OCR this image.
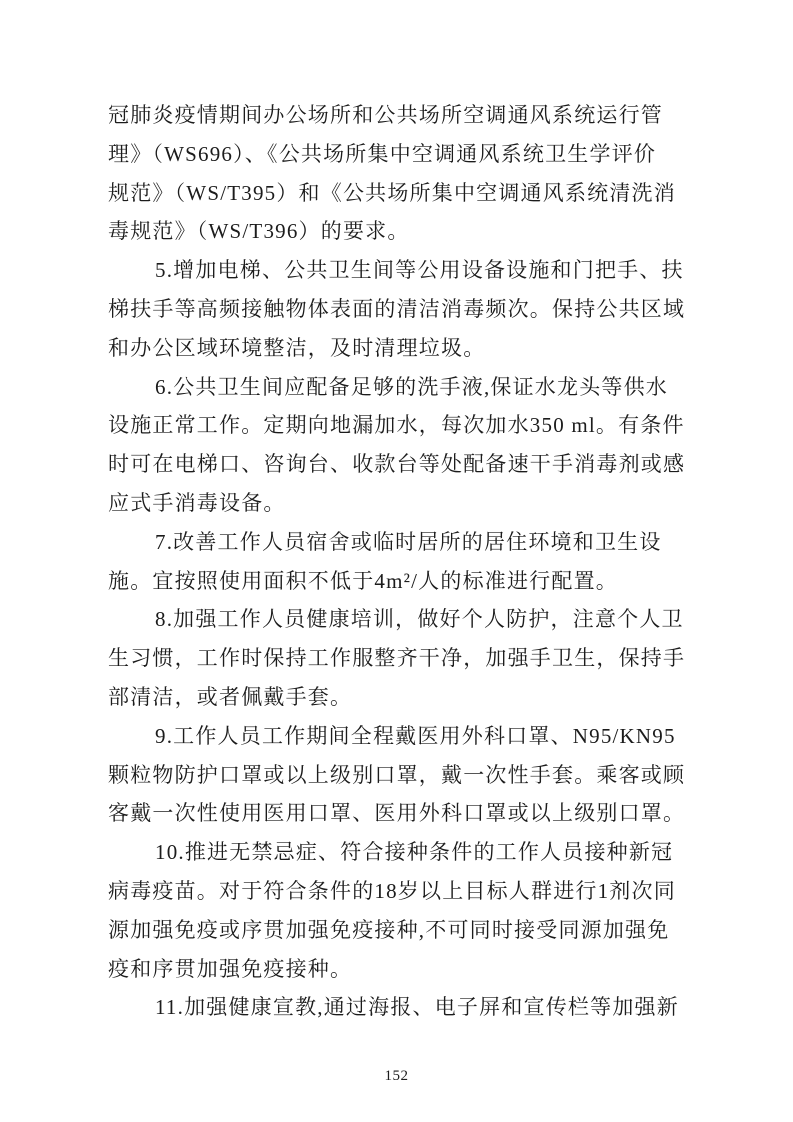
冠肺炎疫情期间办公场所和公共场所空调通风系统运行管
理》（WS696）、《公共场所集中空调通风系统卫生学评价
规范》（WS/T395）和《公共场所集中空调通风系统清洗消
毒规范》（WS/T396）的要求。
5.增加电梯、公共卫生间等公用设备设施和门把手、扶
梯扶手等高频接触物体表面的清洁消毒频次。保持公共区域
和办公区域环境整洁，及时清理垃圾。
6.公共卫生间应配备足够的洗手液,保证水龙头等供水
设施正常工作。定期向地漏加水，每次加水350 ml。有条件
时可在电梯口、咨询台、收款台等处配备速干手消毒剂或感
应式手消毒设备。
7.改善工作人员宿舍或临时居所的居住环境和卫生设
施。宜按照使用面积不低于4m²/人的标准进行配置。
8.加强工作人员健康培训，做好个人防护，注意个人卫
生习惯，工作时保持工作服整齐干净，加强手卫生，保持手
部清洁，或者佩戴手套。
9.工作人员工作期间全程戴医用外科口罩、N95/KN95
颗粒物防护口罩或以上级别口罩，戴一次性手套。乘客或顾
客戴一次性使用医用口罩、医用外科口罩或以上级别口罩。
10.推进无禁忌症、符合接种条件的工作人员接种新冠
病毒疫苗。对于符合条件的18岁以上目标人群进行1剂次同
源加强免疫或序贯加强免疫接种,不可同时接受同源加强免
疫和序贯加强免疫接种。
11.加强健康宣教,通过海报、电子屏和宣传栏等加强新
152
